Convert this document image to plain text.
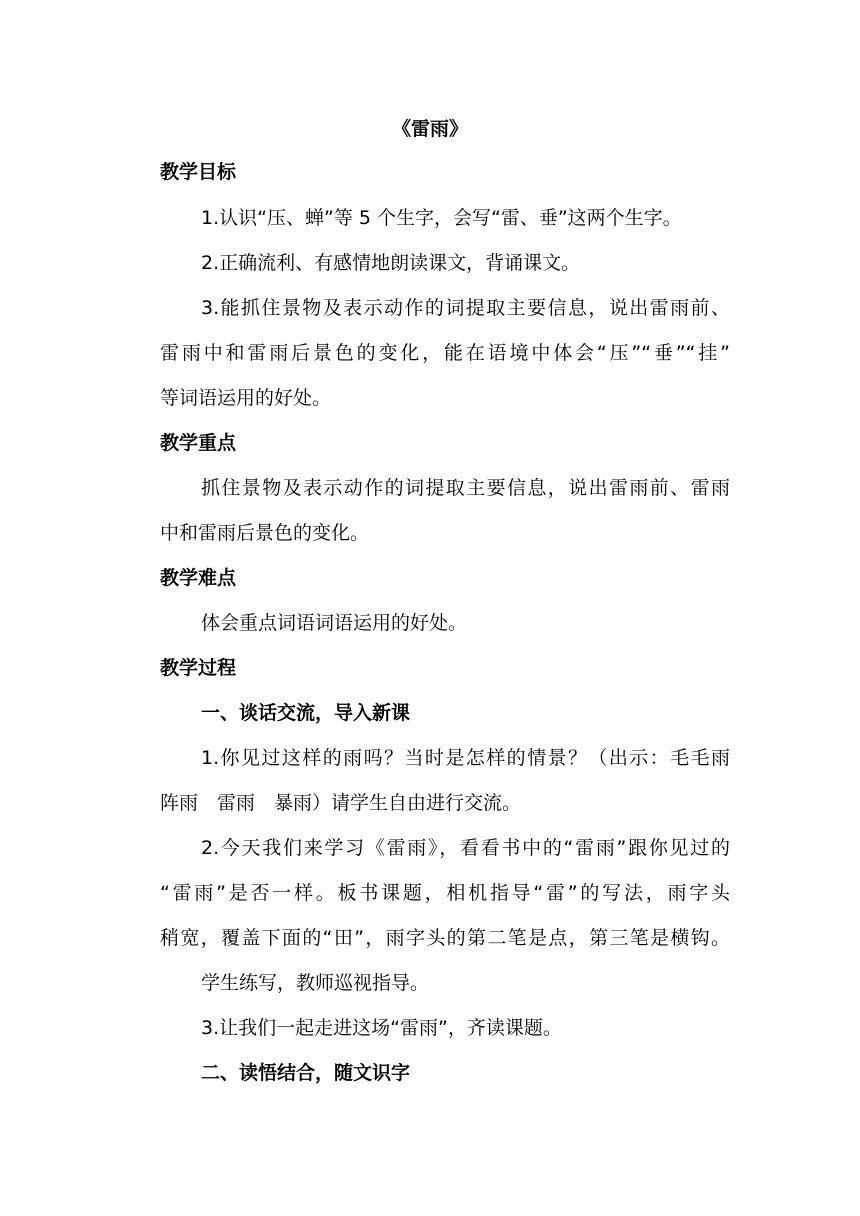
《雷雨》
教学目标
1.认识“压、蝉”等 5 个生字，会写“雷、垂”这两个生字。
2.正确流利、有感情地朗读课文，背诵课文。
3.能抓住景物及表示动作的词提取主要信息，说出雷雨前、
雷雨中和雷雨后景色的变化，能在语境中体会“压”“垂”“挂”
等词语运用的好处。
教学重点
抓住景物及表示动作的词提取主要信息，说出雷雨前、雷雨
中和雷雨后景色的变化。
教学难点
体会重点词语词语运用的好处。
教学过程
一、谈话交流，导入新课
1.你见过这样的雨吗？当时是怎样的情景？（出示：毛毛雨
阵雨　雷雨　暴雨）请学生自由进行交流。
2.今天我们来学习《雷雨》，看看书中的“雷雨”跟你见过的
“雷雨”是否一样。板书课题，相机指导“雷”的写法，雨字头
稍宽，覆盖下面的“田”，雨字头的第二笔是点，第三笔是横钩。
学生练写，教师巡视指导。
3.让我们一起走进这场“雷雨”，齐读课题。
二、读悟结合，随文识字
